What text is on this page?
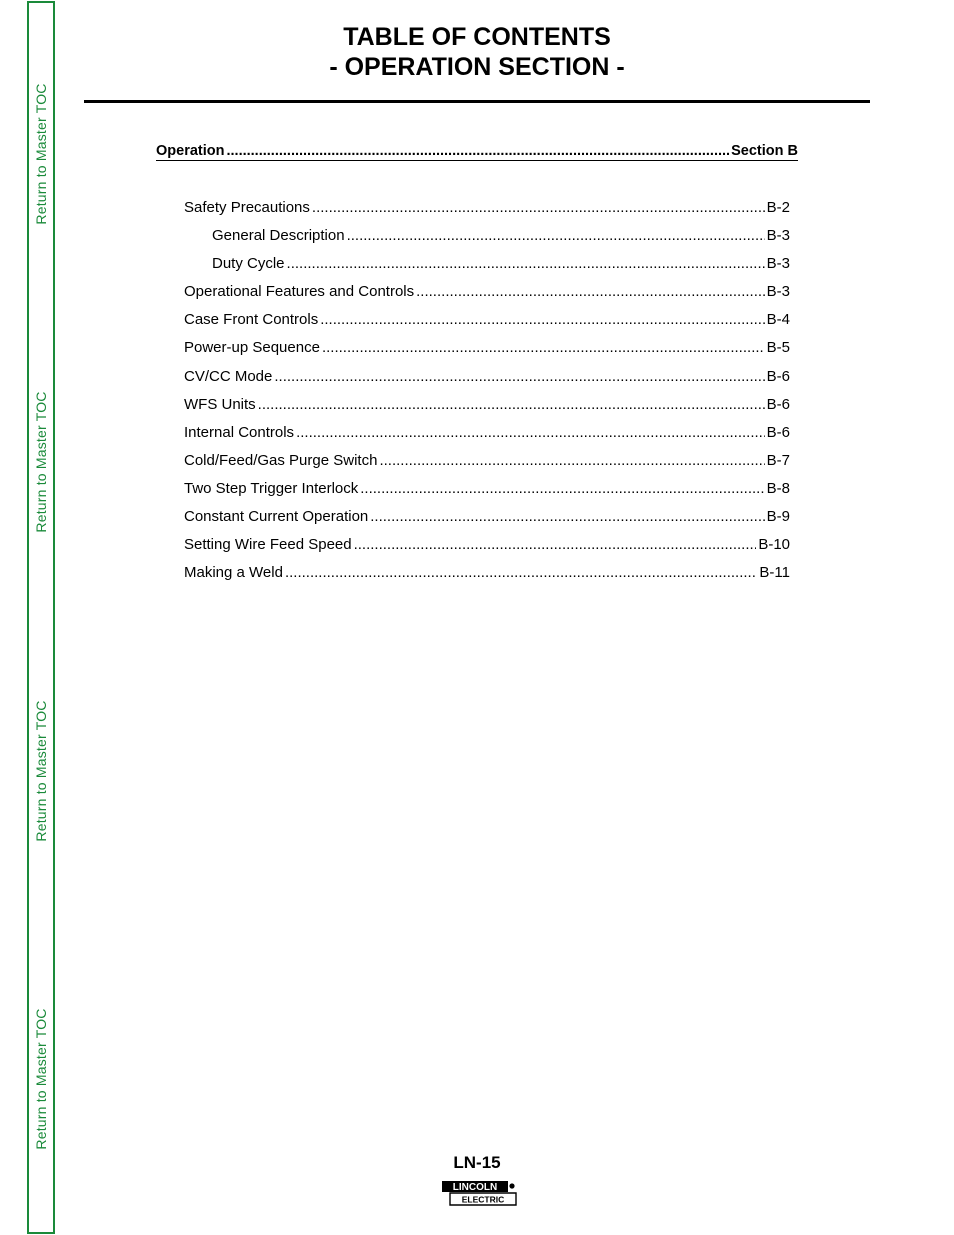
Return to Master TOC
Return to Master TOC
Return to Master TOC
Return to Master TOC
TABLE OF CONTENTS
- OPERATION SECTION -
Operation .....	Section B
Safety Precautions .....	B-2
General Description .....	B-3
Duty Cycle .....	B-3
Operational Features and Controls .....	B-3
Case Front Controls .....	B-4
Power-up Sequence .....	B-5
CV/CC Mode .....	B-6
WFS Units .....	B-6
Internal Controls .....	B-6
Cold/Feed/Gas Purge Switch .....	B-7
Two Step Trigger Interlock .....	B-8
Constant Current Operation .....	B-9
Setting Wire Feed Speed .....	B-10
Making a Weld .....	B-11
LN-15
LINCOLN
ELECTRIC
